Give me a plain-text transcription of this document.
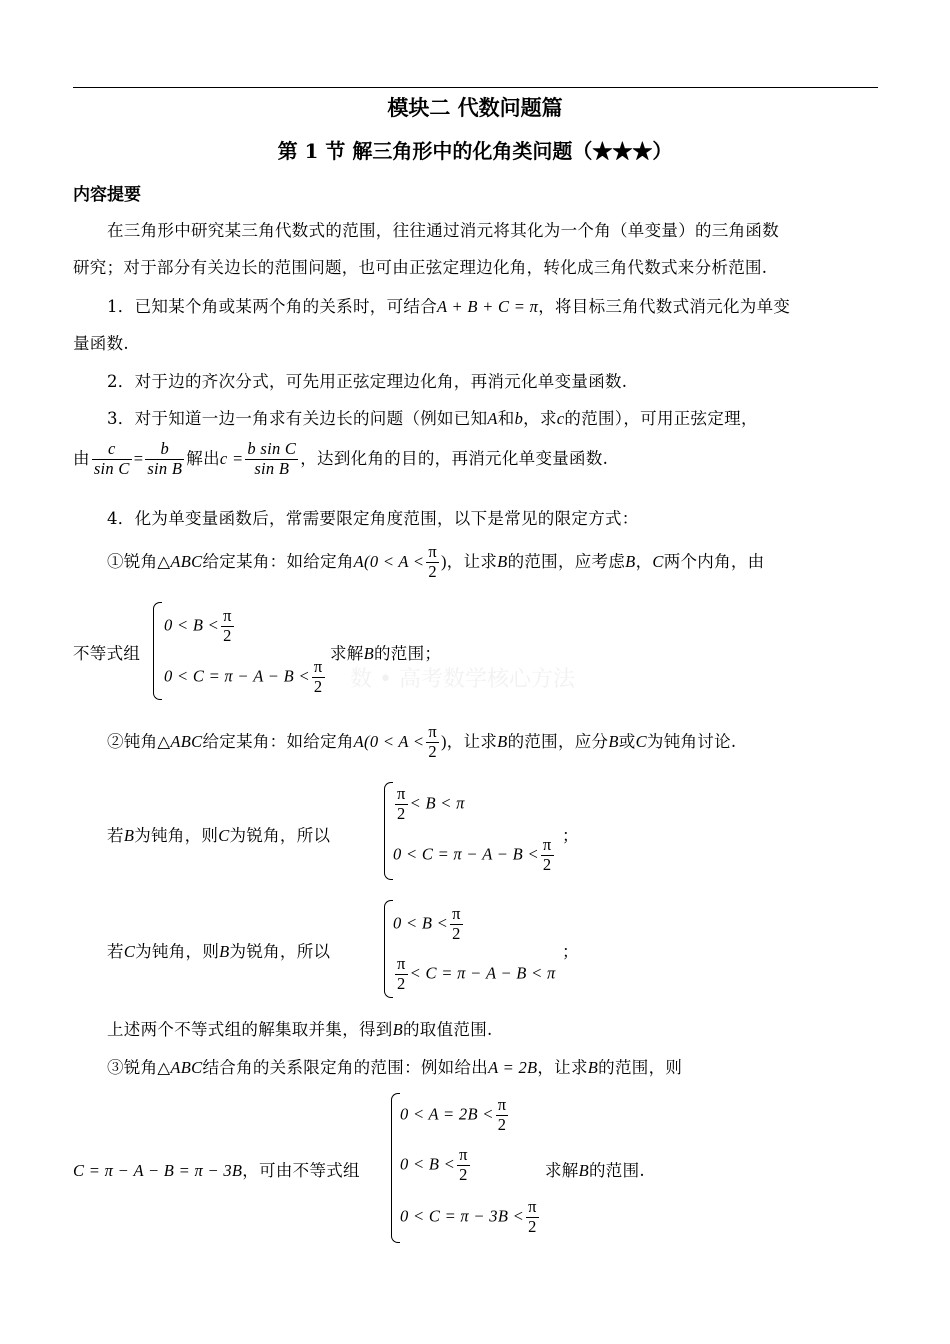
模块二 代数问题篇
第 1 节 解三角形中的化角类问题（★★★）
内容提要
在三角形中研究某三角代数式的范围，往往通过消元将其化为一个角（单变量）的三角函数
研究；对于部分有关边长的范围问题，也可由正弦定理边化角，转化成三角代数式来分析范围.
1．已知某个角或某两个角的关系时，可结合A + B + C = π，将目标三角代数式消元化为单变
量函数.
2．对于边的齐次分式，可先用正弦定理边化角，再消元化单变量函数.
3．对于知道一边一角求有关边长的问题（例如已知A和b，求c的范围），可用正弦定理，
由 $\frac{c}{\text{sin C}} = \frac{b}{\text{sin B}}$ 解出$c = \frac{\text{b sin C}}{\text{sin B}}$ ，达到化角的目的，再消元化单变量函数.
4．化为单变量函数后，常需要限定角度范围，以下是常见的限定方式：
①锐角△ABC给定某角：如给定角$A(0 < A < \frac{\pi}{2}$ )，让求B的范围，应考虑B，C两个内角，由
不等式组
$0 < B < \frac{\pi}{2}$
$0 < C = \pi - A - B < \frac{\pi}{2}$
求解B的范围；
数 • 高考数学核心方法
②钝角△ABC给定某角：如给定角$A(0 < A < \frac{\pi}{2}$ )，让求B的范围，应分B或C为钝角讨论.
若B为钝角，则C为锐角，所以
$\frac{\pi}{2} < B < \pi$
$0 < C = \pi - A - B < \frac{\pi}{2}$
；
若C为钝角，则B为锐角，所以
$0 < B < \frac{\pi}{2}$
$\frac{\pi}{2} < C = \pi - A - B < \pi$
；
上述两个不等式组的解集取并集，得到B的取值范围.
③锐角△ABC结合角的关系限定角的范围：例如给出A = 2B，让求B的范围，则
C = π − A − B = π − 3B，可由不等式组
$0 < A = 2B < \frac{\pi}{2}$
$0 < B < \frac{\pi}{2}$
$0 < C = \pi - 3B < \frac{\pi}{2}$
求解B的范围.
